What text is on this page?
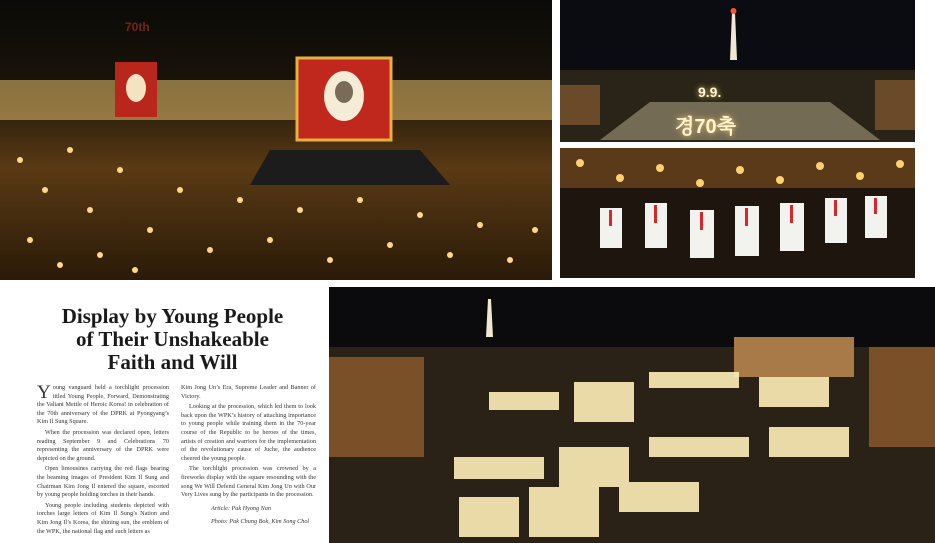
70th
9.9.
경70축
Display by Young People
of Their Unshakeable
Faith and Will

Young vanguard held a torchlight procession titled Young People, Forward, Demonstrating the Valiant Mettle of Heroic Korea! in celebration of the 70th anniversary of the DPRK at Pyongyang’s Kim Il Sung Square.

When the procession was declared open, letters reading September 9 and Celebrations 70 representing the anniversary of the DPRK were depicted on the ground.

Open limousines carrying the red flags bearing the beaming images of President Kim Il Sung and Chairman Kim Jong Il entered the square, escorted by young people holding torches in their hands.

Young people including students depicted with torches large letters of Kim Il Sung’s Nation and Kim Jong Il’s Korea, the shining sun, the emblem of the WPK, the national flag and such letters as

Kim Jong Un’s Era, Supreme Leader and Banner of Victory.

Looking at the procession, which led them to look back upon the WPK’s history of attaching importance to young people while training them in the 70-year course of the Republic to be heroes of the times, artists of creation and warriors for the implementation of the revolutionary cause of Juche, the audience cheered the young people.

The torchlight procession was crowned by a fireworks display with the square resounding with the song We Will Defend General Kim Jong Un with Our Very Lives sung by the participants in the procession.

Article: Pak Hyong Nan

Photo: Pak Chung Bok, Kim Song Chol
